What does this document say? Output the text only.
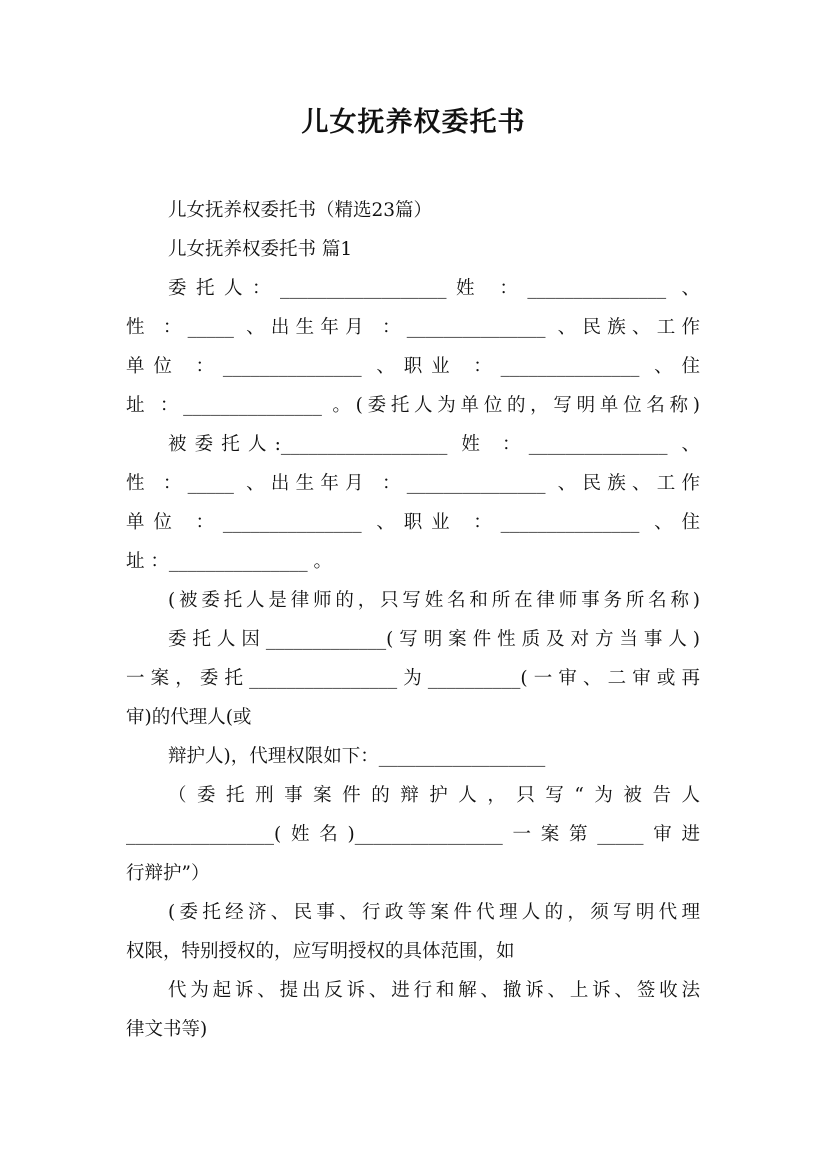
儿女抚养权委托书
儿女抚养权委托书（精选23篇）
儿女抚养权委托书 篇1
委托人：__________________姓 ：_______________ 、
性 ：_____ 、出生年月 ：_______________ 、民族、工作
单位 ：_______________ 、职业 ：_______________ 、住
址 ：_______________ 。(委托人为单位的，写明单位名称)
被委托人:__________________ 姓 ：_______________ 、
性 ：_____ 、出生年月 ：_______________ 、民族、工作
单位 ：_______________ 、职业 ：_______________ 、住
址 ：_______________ 。
(被委托人是律师的，只写姓名和所在律师事务所名称)
委托人因_____________(写明案件性质及对方当事人)
一案，委托________________为__________(一审、二审或再
审)的代理人(或
辩护人)，代理权限如下：__________________
（委托刑事案件的辩护人，只写“为被告人
________________(姓名)________________一案第_____审进
行辩护”）
(委托经济、民事、行政等案件代理人的，须写明代理
权限，特别授权的，应写明授权的具体范围，如
代为起诉、提出反诉、进行和解、撤诉、上诉、签收法
律文书等)
